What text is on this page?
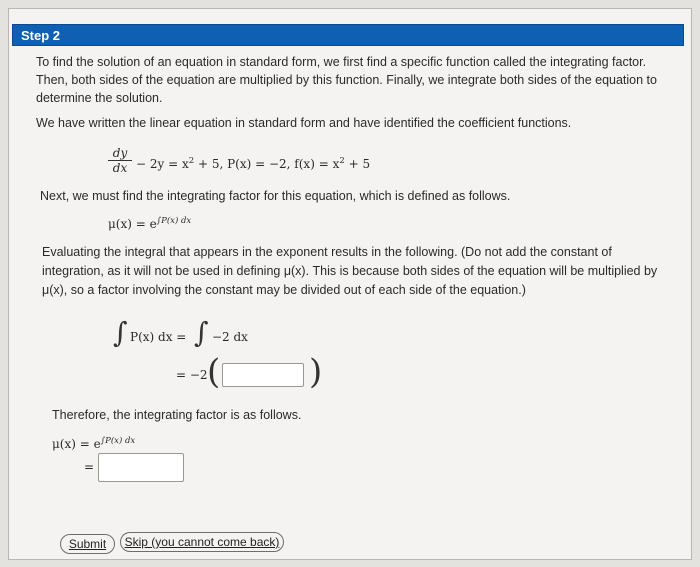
Step 2
To find the solution of an equation in standard form, we first find a specific function called the integrating factor.
Then, both sides of the equation are multiplied by this function. Finally, we integrate both sides of the equation to
determine the solution.
We have written the linear equation in standard form and have identified the coefficient functions.
$\frac{dy}{dx} - 2y = x^2 + 5$, P(x) = −2, $f(x) = x^2 + 5$
Next, we must find the integrating factor for this equation, which is defined as follows.
$\mu(x) = e^{\int P(x) dx}$
Evaluating the integral that appears in the exponent results in the following. (Do not add the constant of
integration, as it will not be used in defining μ(x). This is because both sides of the equation will be multiplied by
μ(x), so a factor involving the constant may be divided out of each side of the equation.)
∫ P(x) dx = ∫ −2 dx
= −2 (	)
Therefore, the integrating factor is as follows.
$\mu(x) = e^{\int P(x) dx}$
=
Submit	Skip (you cannot come back)
